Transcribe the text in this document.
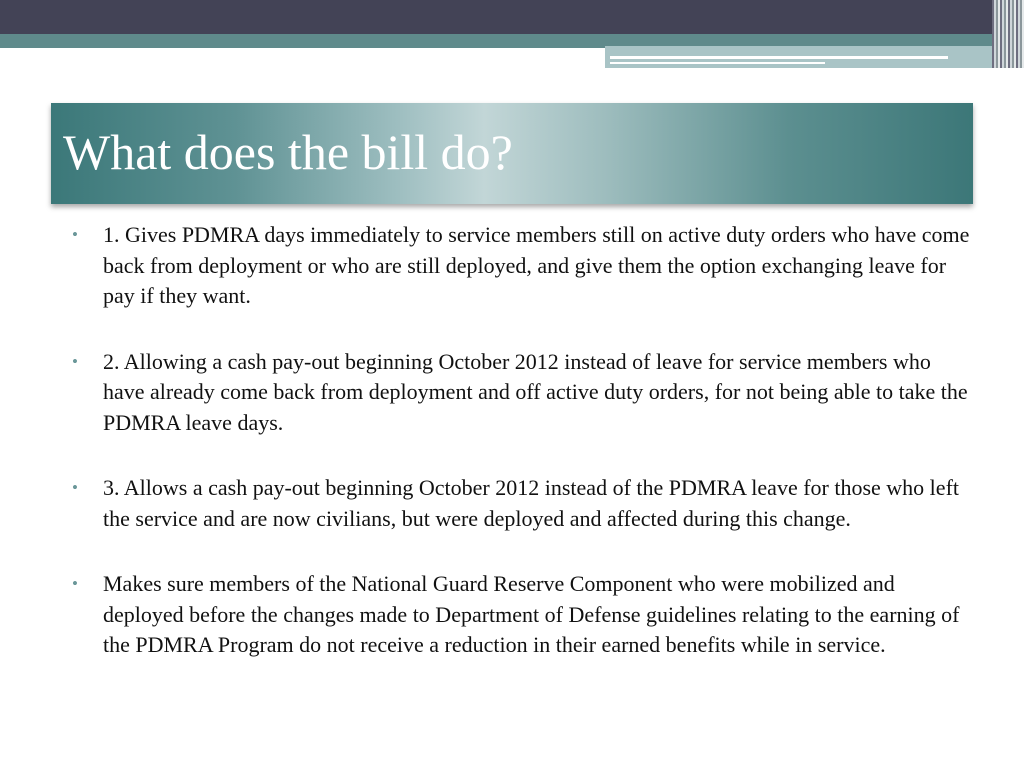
What does the bill do?
• 1. Gives PDMRA days immediately to service members still on active duty orders who have come back from deployment or who are still deployed, and give them the option exchanging leave for pay if they want.
• 2. Allowing a cash pay-out beginning October 2012 instead of leave for service members who have already come back from deployment and off active duty orders, for not being able to take the PDMRA leave days.
• 3. Allows a cash pay-out beginning October 2012 instead of the PDMRA leave for those who left the service and are now civilians, but were deployed and affected during this change.
• Makes sure members of the National Guard Reserve Component who were mobilized and deployed before the changes made to Department of Defense guidelines relating to the earning of the PDMRA Program do not receive a reduction in their earned benefits while in service.
